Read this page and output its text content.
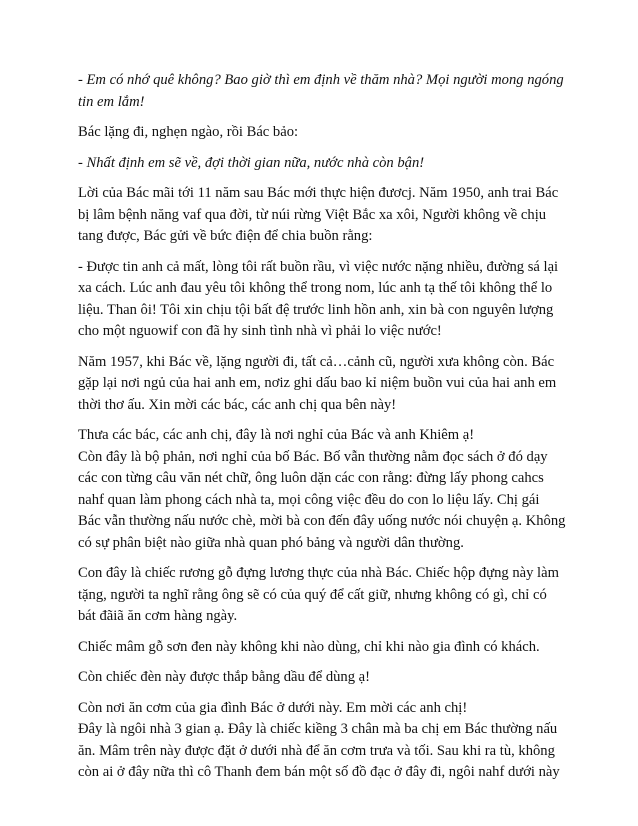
- Em có nhớ quê không? Bao giờ thì em định về thăm nhà? Mọi người mong ngóng
tin em lắm!

Bác lặng đi, nghẹn ngào, rồi Bác bảo:

- Nhất định em sẽ về, đợi thời gian nữa, nước nhà còn bận!

Lời của Bác mãi tới 11 năm sau Bác mới thực hiện đươcj. Năm 1950, anh trai Bác
bị lâm bệnh năng vaf qua đời, từ núi rừng Việt Bắc xa xôi, Người không về chịu
tang được, Bác gửi về bức điện để chia buồn rằng:

- Được tin anh cả mất, lòng tôi rất buồn rầu, vì việc nước nặng nhiều, đường sá lại
xa cách. Lúc anh đau yêu tôi không thể trong nom, lúc anh tạ thế tôi không thể lo
liệu. Than ôi! Tôi xin chịu tội bất đệ trước linh hồn anh, xin bà con nguyên lượng
cho một nguowif con đã hy sinh tình nhà vì phải lo việc nước!

Năm 1957, khi Bác về, lặng người đi, tất cả…cảnh cũ, người xưa không còn. Bác
gặp lại nơi ngủ của hai anh em, nơiz ghi dấu bao kỉ niệm buồn vui của hai anh em
thời thơ ấu. Xin mời các bác, các anh chị qua bên này!

Thưa các bác, các anh chị, đây là nơi nghỉ của Bác và anh Khiêm ạ!
Còn đây là bộ phản, nơi nghỉ của bố Bác. Bố vẫn thường nằm đọc sách ở đó dạy
các con từng câu văn nét chữ, ông luôn dặn các con rằng: đừng lấy phong cahcs
nahf quan làm phong cách nhà ta, mọi công việc đều do con lo liệu lấy. Chị gái
Bác vẫn thường nấu nước chè, mời bà con đến đây uống nước nói chuyện ạ. Không
có sự phân biệt nào giữa nhà quan phó bảng và người dân thường.

Con đây là chiếc rương gỗ đựng lương thực của nhà Bác. Chiếc hộp đựng này làm
tặng, người ta nghĩ rằng ông sẽ có của quý để cất giữ, nhưng không có gì, chỉ có
bát đãiã ăn cơm hàng ngày.

Chiếc mâm gỗ sơn đen này không khi nào dùng, chỉ khi nào gia đình có khách.

Còn chiếc đèn này được thắp bằng dầu để dùng ạ!

Còn nơi ăn cơm của gia đình Bác ở dưới này. Em mời các anh chị!
Đây là ngôi nhà 3 gian ạ. Đây là chiếc kiềng 3 chân mà ba chị em Bác thường nấu
ăn. Mâm trên này được đặt ở dưới nhà để ăn cơm trưa và tối. Sau khi ra tù, không
còn ai ở đây nữa thì cô Thanh đem bán một số đồ đạc ở đây đi, ngôi nahf dưới này
